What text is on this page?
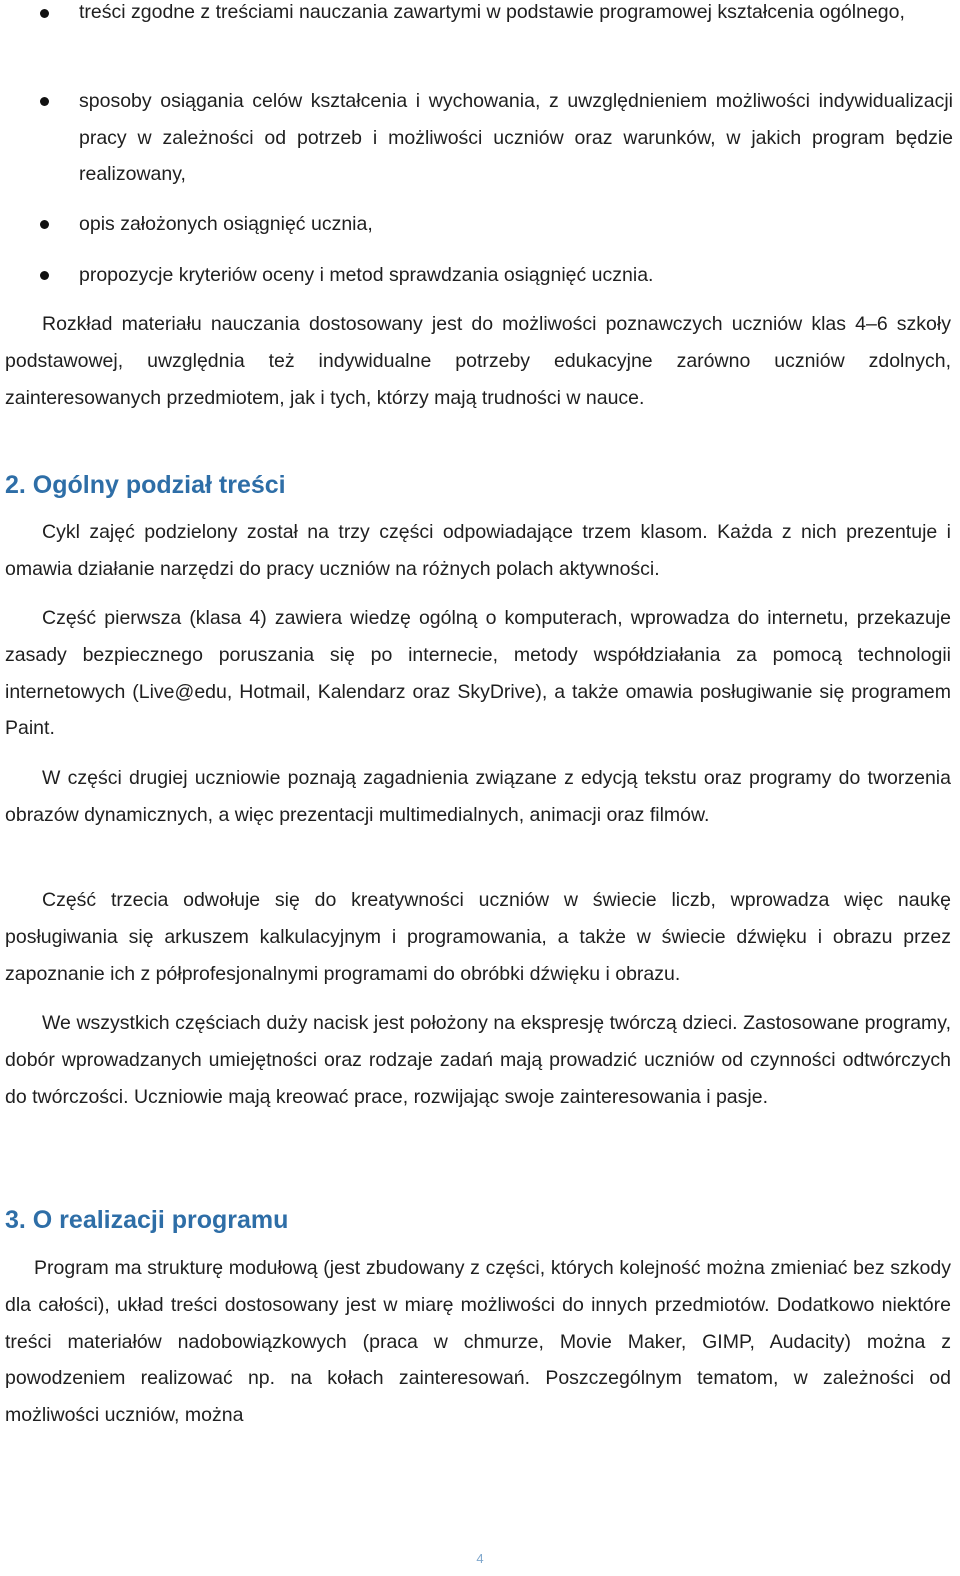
treści zgodne z treściami nauczania zawartymi w podstawie programowej kształcenia ogólnego,
sposoby osiągania celów kształcenia i wychowania, z uwzględnieniem możliwości indywidualizacji pracy w zależności od potrzeb i możliwości uczniów oraz warunków, w jakich program będzie realizowany,
opis założonych osiągnięć ucznia,
propozycje kryteriów oceny i metod sprawdzania osiągnięć ucznia.

Rozkład materiału nauczania dostosowany jest do możliwości poznawczych uczniów klas 4–6 szkoły podstawowej, uwzględnia też indywidualne potrzeby edukacyjne zarówno uczniów zdolnych, zainteresowanych przedmiotem, jak i tych, którzy mają trudności w nauce.

2. Ogólny podział treści

Cykl zajęć podzielony został na trzy części odpowiadające trzem klasom. Każda z nich prezentuje i omawia działanie narzędzi do pracy uczniów na różnych polach aktywności.

Część pierwsza (klasa 4) zawiera wiedzę ogólną o komputerach, wprowadza do internetu, przekazuje zasady bezpiecznego poruszania się po internecie, metody współdziałania za pomocą technologii internetowych (Live@edu, Hotmail, Kalendarz oraz SkyDrive), a także omawia posługiwanie się programem Paint.

W części drugiej uczniowie poznają zagadnienia związane z edycją tekstu oraz programy do tworzenia obrazów dynamicznych, a więc prezentacji multimedialnych, animacji oraz filmów.

Część trzecia odwołuje się do kreatywności uczniów w świecie liczb, wprowadza więc naukę posługiwania się arkuszem kalkulacyjnym i programowania, a także w świecie dźwięku i obrazu przez zapoznanie ich z półprofesjonalnymi programami do obróbki dźwięku i obrazu.

We wszystkich częściach duży nacisk jest położony na ekspresję twórczą dzieci. Zastosowane programy, dobór wprowadzanych umiejętności oraz rodzaje zadań mają prowadzić uczniów od czynności odtwórczych do twórczości. Uczniowie mają kreować prace, rozwijając swoje zainteresowania i pasje.

3. O realizacji programu

Program ma strukturę modułową (jest zbudowany z części, których kolejność można zmieniać bez szkody dla całości), układ treści dostosowany jest w miarę możliwości do innych przedmiotów. Dodatkowo niektóre treści materiałów nadobowiązkowych (praca w chmurze, Movie Maker, GIMP, Audacity) można z powodzeniem realizować np. na kołach zainteresowań. Poszczególnym tematom, w zależności od możliwości uczniów, można

4
